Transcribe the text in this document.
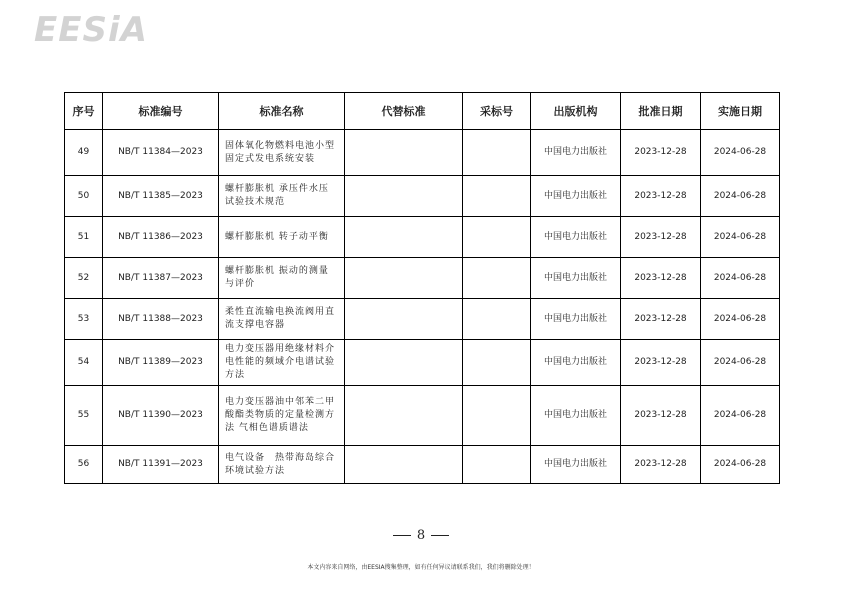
EESiA
序号	标准编号	标准名称	代替标准	采标号	出版机构	批准日期	实施日期
49	NB/T 11384—2023	固体氧化物燃料电池小型固定式发电系统安装			中国电力出版社	2023-12-28	2024-06-28
50	NB/T 11385—2023	螺杆膨胀机 承压件水压试验技术规范			中国电力出版社	2023-12-28	2024-06-28
51	NB/T 11386—2023	螺杆膨胀机 转子动平衡			中国电力出版社	2023-12-28	2024-06-28
52	NB/T 11387—2023	螺杆膨胀机 振动的测量与评价			中国电力出版社	2023-12-28	2024-06-28
53	NB/T 11388—2023	柔性直流输电换流阀用直流支撑电容器			中国电力出版社	2023-12-28	2024-06-28
54	NB/T 11389—2023	电力变压器用绝缘材料介电性能的频域介电谱试验方法			中国电力出版社	2023-12-28	2024-06-28
55	NB/T 11390—2023	电力变压器油中邻苯二甲酸酯类物质的定量检测方法 气相色谱质谱法			中国电力出版社	2023-12-28	2024-06-28
56	NB/T 11391—2023	电气设备　热带海岛综合环境试验方法			中国电力出版社	2023-12-28	2024-06-28
8
本文内容来自网络，由EESIA搜集整理，如有任何异议请联系我们，我们将删除处理！
